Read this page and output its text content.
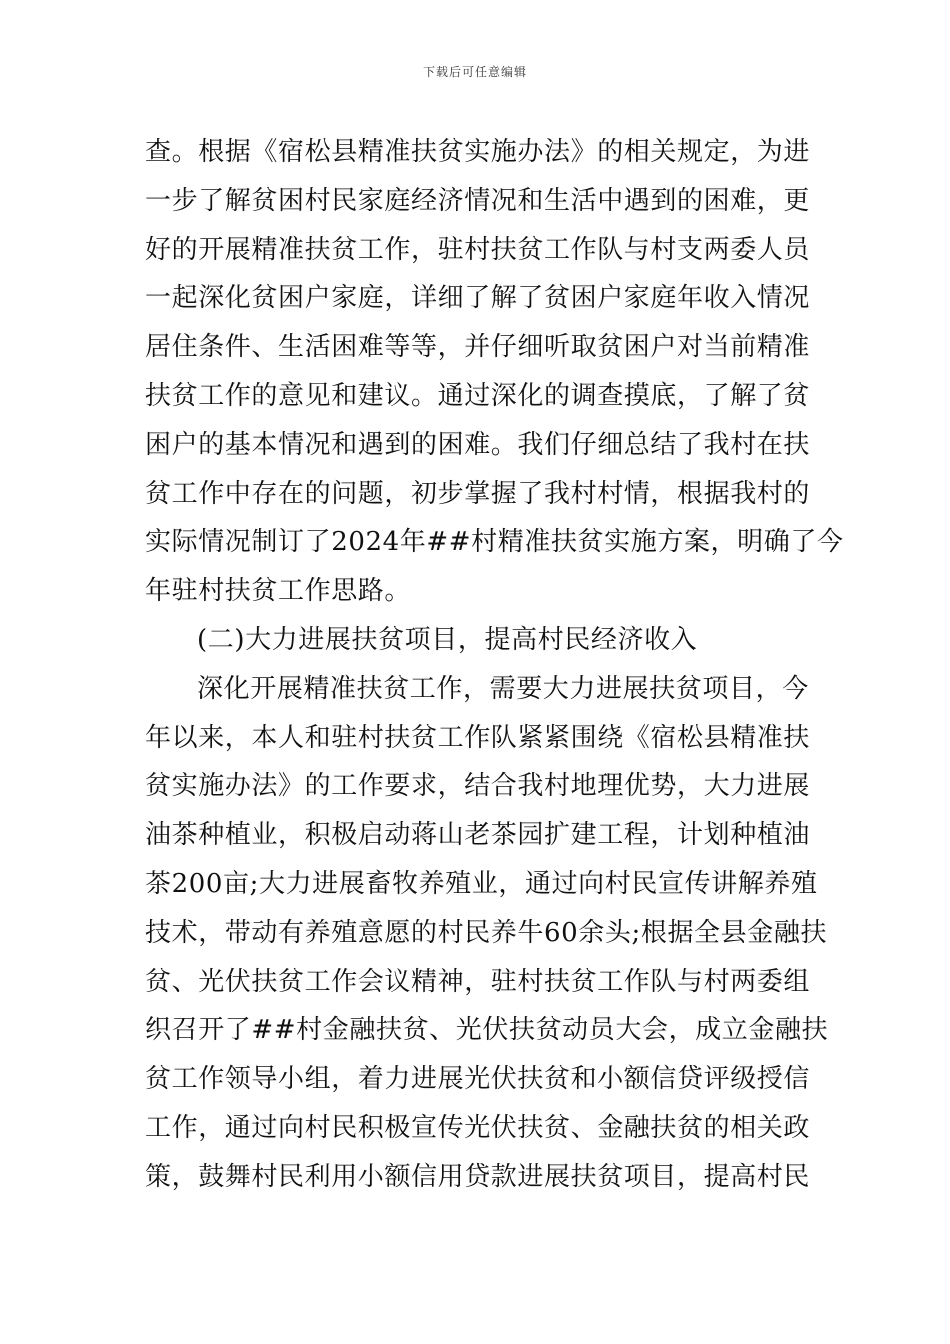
下载后可任意编辑
查。根据《宿松县精准扶贫实施办法》的相关规定，为进
一步了解贫困村民家庭经济情况和生活中遇到的困难，更
好的开展精准扶贫工作，驻村扶贫工作队与村支两委人员
一起深化贫困户家庭，详细了解了贫困户家庭年收入情况
居住条件、生活困难等等，并仔细听取贫困户对当前精准
扶贫工作的意见和建议。通过深化的调查摸底，了解了贫
困户的基本情况和遇到的困难。我们仔细总结了我村在扶
贫工作中存在的问题，初步掌握了我村村情，根据我村的
实际情况制订了2024年##村精准扶贫实施方案，明确了今
年驻村扶贫工作思路。
(二)大力进展扶贫项目，提高村民经济收入
深化开展精准扶贫工作，需要大力进展扶贫项目，今
年以来，本人和驻村扶贫工作队紧紧围绕《宿松县精准扶
贫实施办法》的工作要求，结合我村地理优势，大力进展
油茶种植业，积极启动蒋山老茶园扩建工程，计划种植油
茶200亩;大力进展畜牧养殖业，通过向村民宣传讲解养殖
技术，带动有养殖意愿的村民养牛60余头;根据全县金融扶
贫、光伏扶贫工作会议精神，驻村扶贫工作队与村两委组
织召开了##村金融扶贫、光伏扶贫动员大会，成立金融扶
贫工作领导小组，着力进展光伏扶贫和小额信贷评级授信
工作，通过向村民积极宣传光伏扶贫、金融扶贫的相关政
策，鼓舞村民利用小额信用贷款进展扶贫项目，提高村民
